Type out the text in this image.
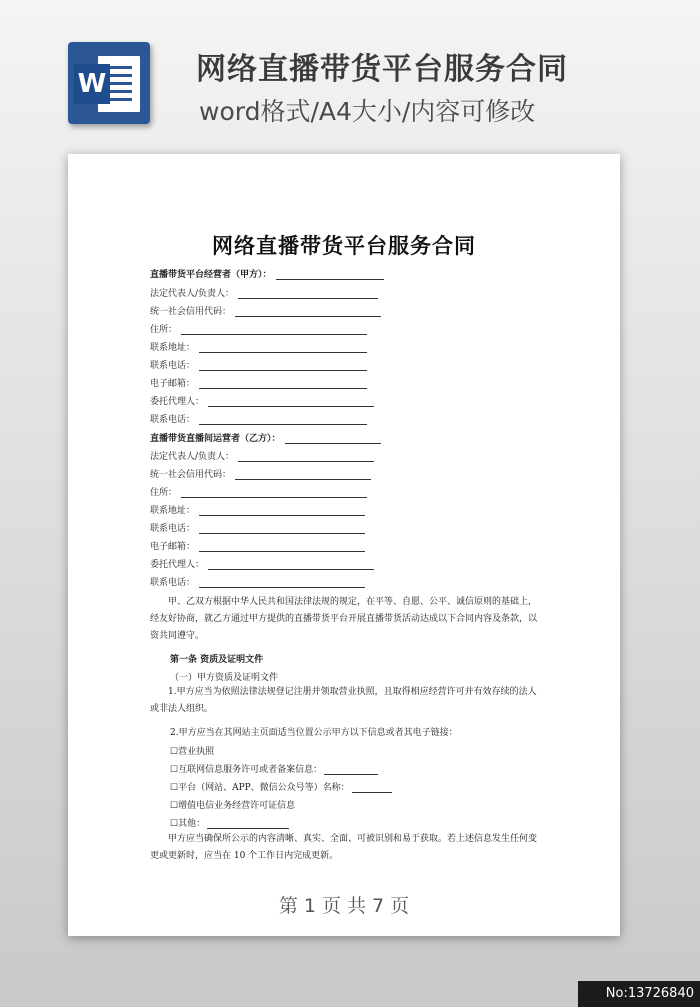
W	网络直播带货平台服务合同
word格式/A4大小/内容可修改
网络直播带货平台服务合同
直播带货平台经营者（甲方）：
法定代表人/负责人：
统一社会信用代码：
住所：
联系地址：
联系电话：
电子邮箱：
委托代理人：
联系电话：
直播带货直播间运营者（乙方）：
法定代表人/负责人：
统一社会信用代码：
住所：
联系地址：
联系电话：
电子邮箱：
委托代理人：
联系电话：
甲、乙双方根据中华人民共和国法律法规的规定，在平等、自愿、公平、诚信原则的基础上，经友好协商，就乙方通过甲方提供的直播带货平台开展直播带货活动达成以下合同内容及条款，以资共同遵守。
第一条 资质及证明文件
（一）甲方资质及证明文件
1.甲方应当为依照法律法规登记注册并领取营业执照，且取得相应经营许可并有效存续的法人或非法人组织。
2.甲方应当在其网站主页面适当位置公示甲方以下信息或者其电子链接：
☐营业执照
☐互联网信息服务许可或者备案信息：
☐平台（网站、APP、微信公众号等）名称：
☐增值电信业务经营许可证信息
☐其他：
甲方应当确保所公示的内容清晰、真实、全面、可被识别和易于获取。若上述信息发生任何变更或更新时，应当在 10 个工作日内完成更新。
第 1 页 共 7 页
No:13726840
